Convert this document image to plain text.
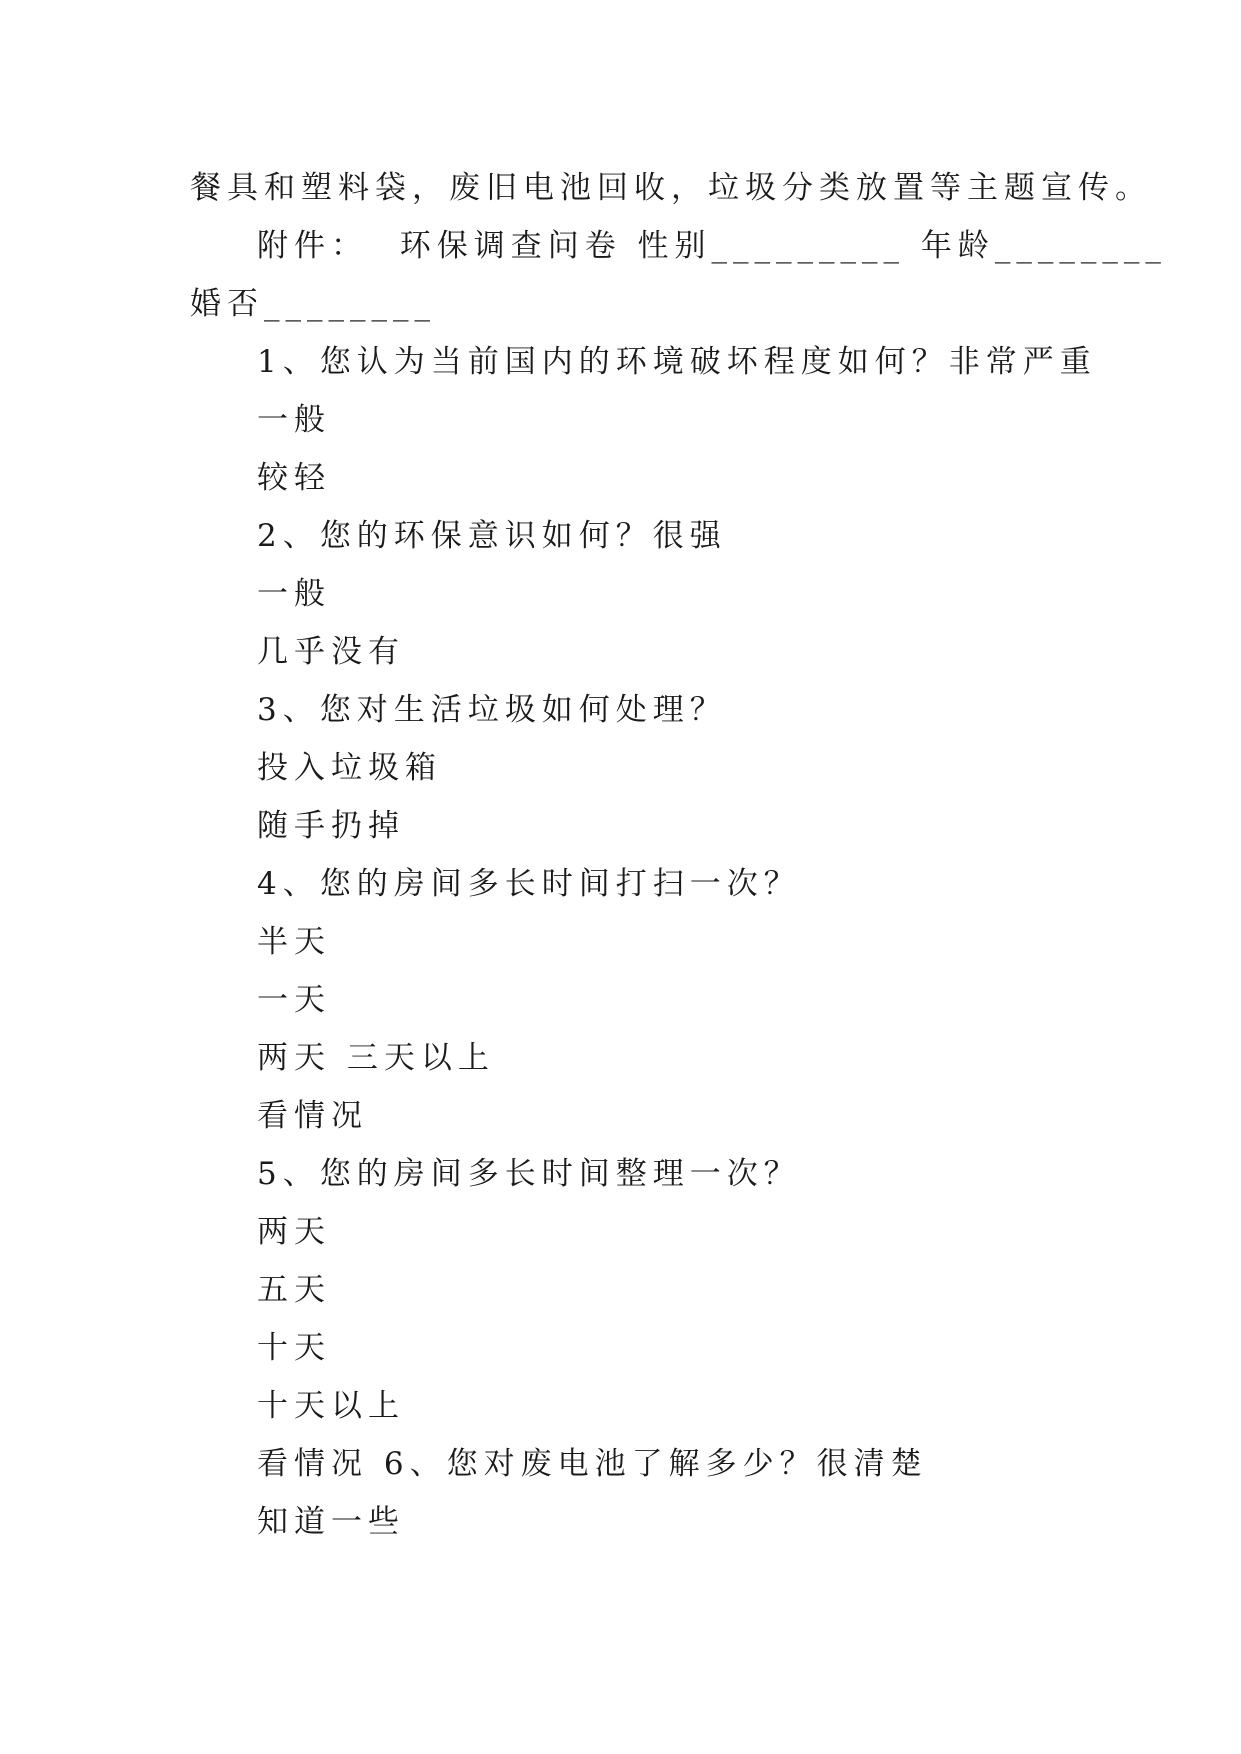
餐具和塑料袋，废旧电池回收，垃圾分类放置等主题宣传。
附件：  环保调查问卷 性别_________ 年龄________
婚否________
1、您认为当前国内的环境破坏程度如何？非常严重
一般
较轻
2、您的环保意识如何？很强
一般
几乎没有
3、您对生活垃圾如何处理？
投入垃圾箱
随手扔掉
4、您的房间多长时间打扫一次？
半天
一天
两天 三天以上
看情况
5、您的房间多长时间整理一次？
两天
五天
十天
十天以上
看情况 6、您对废电池了解多少？很清楚
知道一些
